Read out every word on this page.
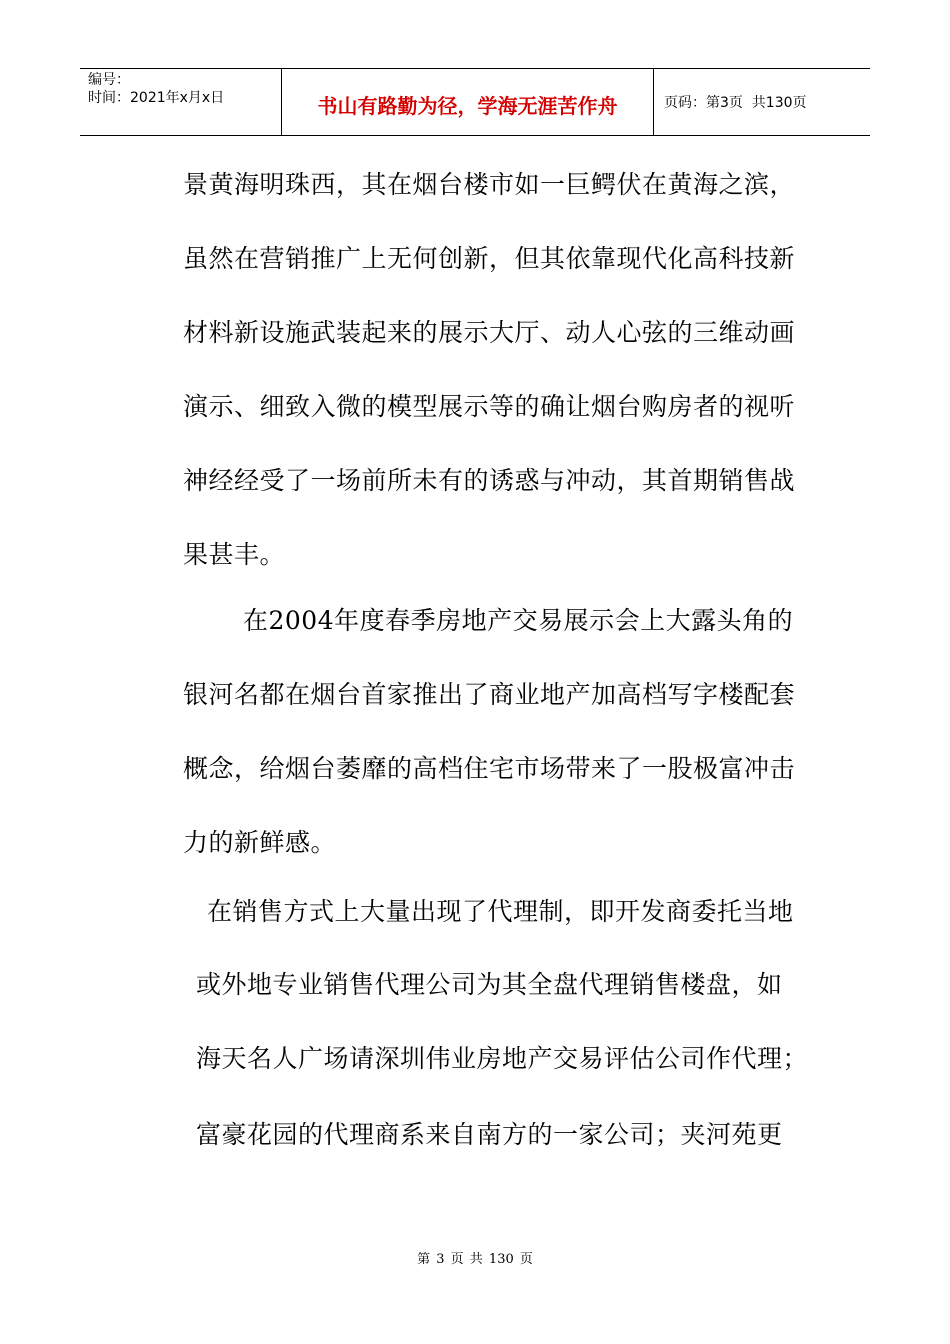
编号：
时间：2021年x月x日	书山有路勤为径，学海无涯苦作舟	页码：第3页  共130页
景黄海明珠西，其在烟台楼市如一巨鳄伏在黄海之滨，
虽然在营销推广上无何创新，但其依靠现代化高科技新
材料新设施武装起来的展示大厅、动人心弦的三维动画
演示、细致入微的模型展示等的确让烟台购房者的视听
神经经受了一场前所未有的诱惑与冲动，其首期销售战
果甚丰。
在2004年度春季房地产交易展示会上大露头角的
银河名都在烟台首家推出了商业地产加高档写字楼配套
概念，给烟台萎靡的高档住宅市场带来了一股极富冲击
力的新鲜感。
在销售方式上大量出现了代理制，即开发商委托当地
或外地专业销售代理公司为其全盘代理销售楼盘，如
海天名人广场请深圳伟业房地产交易评估公司作代理；
富豪花园的代理商系来自南方的一家公司；夹河苑更
第 3 页 共 130 页
